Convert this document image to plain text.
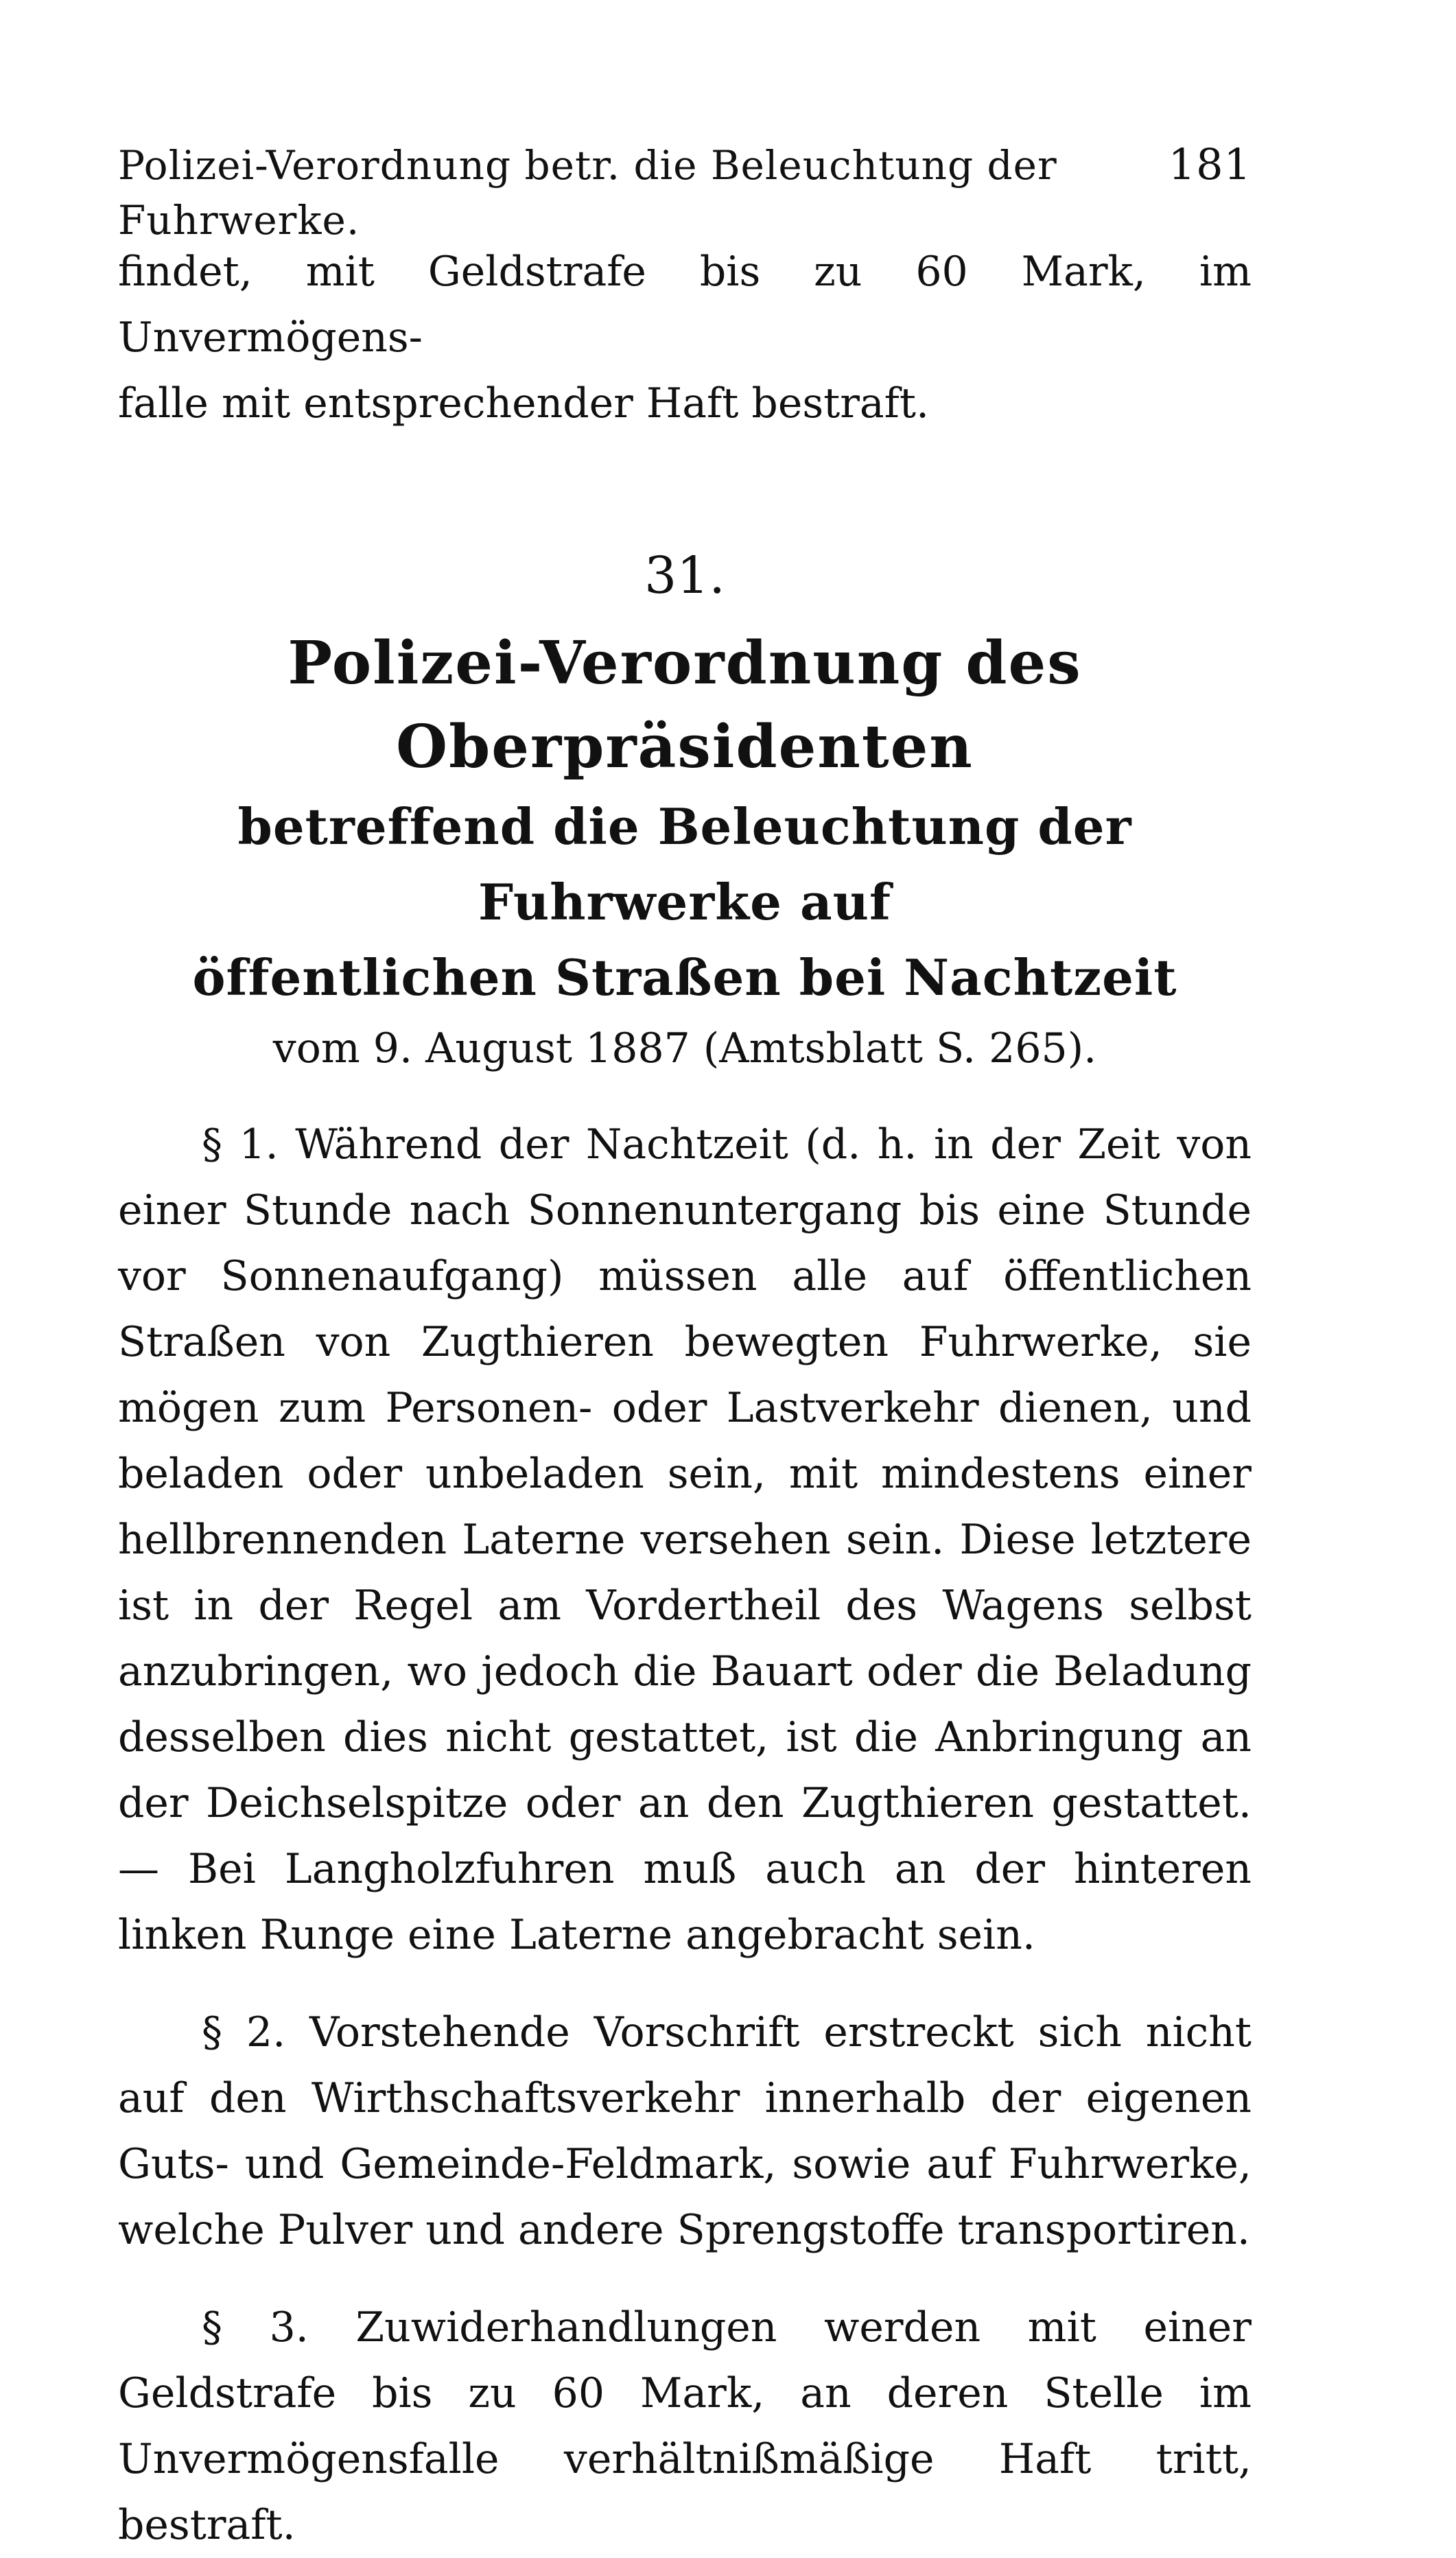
Polizei-Verordnung betr. die Beleuchtung der Fuhrwerke.
181
findet, mit Geldstrafe bis zu 60 Mark, im Unvermögens-
falle mit entsprechender Haft bestraft.
31.

Polizei-Verordnung des Oberpräsidenten

betreffend die Beleuchtung der Fuhrwerke auf

öffentlichen Straßen bei Nachtzeit

vom 9. August 1887 (Amtsblatt S. 265).

§ 1. Während der Nachtzeit (d. h. in der Zeit von einer Stunde nach Sonnenuntergang bis eine Stunde vor Sonnenaufgang) müssen alle auf öffentlichen Straßen von Zugthieren bewegten Fuhrwerke, sie mögen zum Personen- oder Lastverkehr dienen, und beladen oder unbeladen sein, mit mindestens einer hellbrennenden Laterne versehen sein. Diese letztere ist in der Regel am Vordertheil des Wagens selbst anzubringen, wo jedoch die Bauart oder die Beladung desselben dies nicht gestattet, ist die Anbringung an der Deichselspitze oder an den Zugthieren gestattet. — Bei Langholzfuhren muß auch an der hinteren linken Runge eine Laterne angebracht sein.

§ 2. Vorstehende Vorschrift erstreckt sich nicht auf den Wirthschaftsverkehr innerhalb der eigenen Guts- und Gemeinde-Feldmark, sowie auf Fuhrwerke, welche Pulver und andere Sprengstoffe transportiren.

§ 3. Zuwiderhandlungen werden mit einer Geldstrafe bis zu 60 Mark, an deren Stelle im Unvermögensfalle verhältnißmäßige Haft tritt, bestraft.
